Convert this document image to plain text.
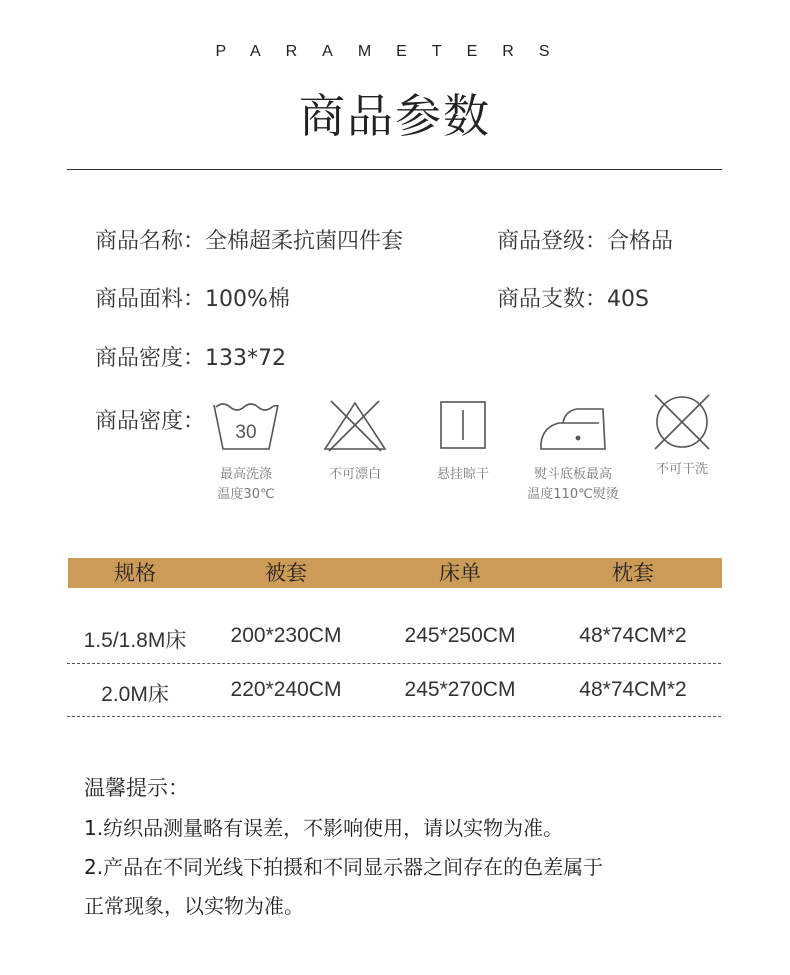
PARAMETERS
商品参数
商品名称：全棉超柔抗菌四件套	商品登级：合格品
商品面料：100%棉	商品支数：40S
商品密度：133*72
商品密度： 30
最高洗涤
温度30℃
不可漂白	悬挂晾干	熨斗底板最高
温度110℃熨烫
不可干洗
规格	被套	床单	枕套
1.5/1.8M床	200*230CM	245*250CM	48*74CM*2
2.0M床	220*240CM	245*270CM	48*74CM*2
温馨提示：
1.纺织品测量略有误差，不影响使用，请以实物为准。
2.产品在不同光线下拍摄和不同显示器之间存在的色差属于
正常现象，以实物为准。
